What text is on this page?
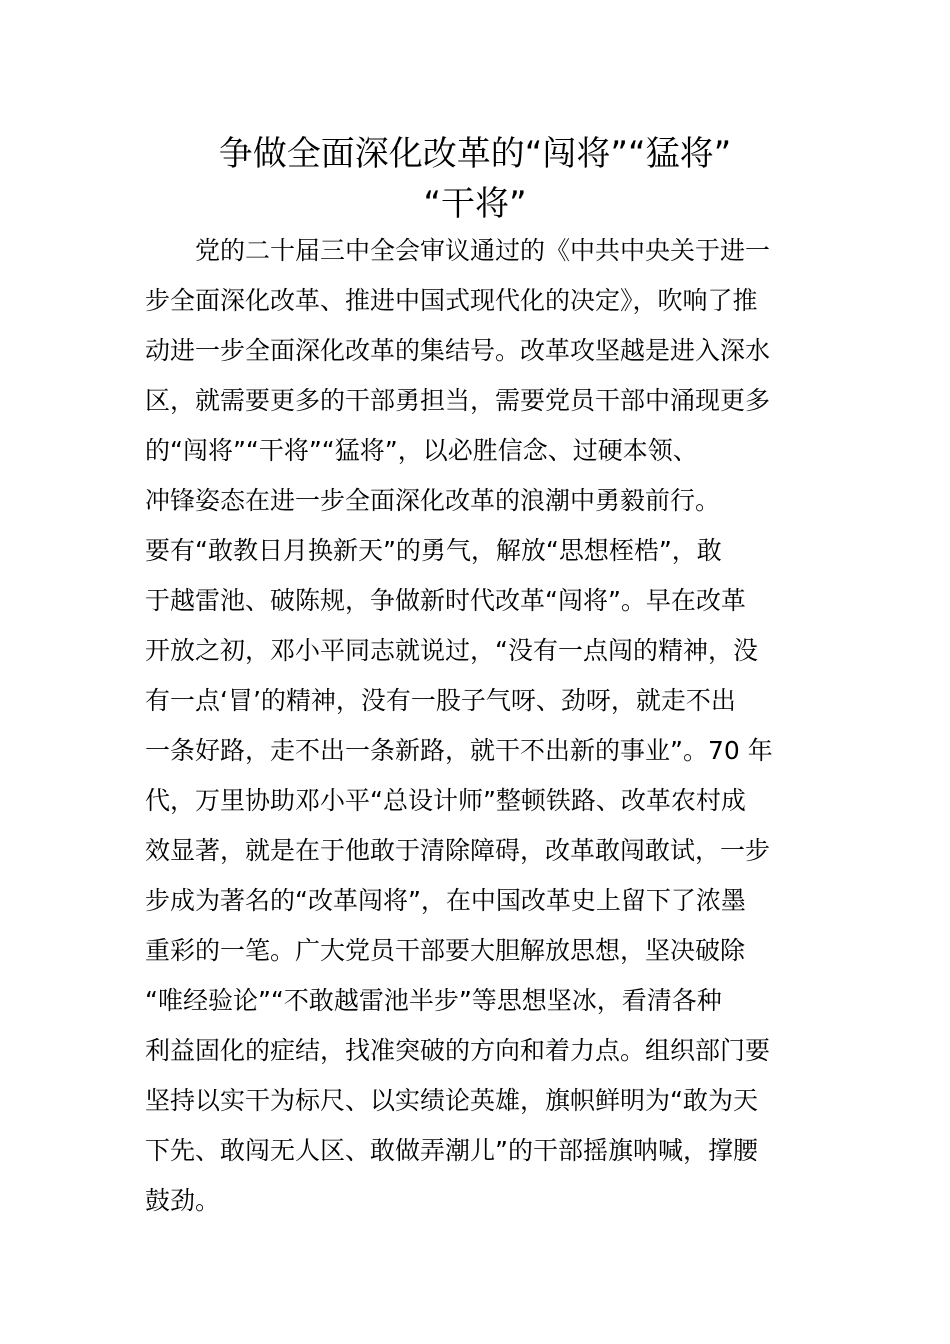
争做全面深化改革的“闯将”“猛将”
“干将”
　　党的二十届三中全会审议通过的《中共中央关于进一
步全面深化改革、推进中国式现代化的决定》，吹响了推
动进一步全面深化改革的集结号。改革攻坚越是进入深水
区，就需要更多的干部勇担当，需要党员干部中涌现更多
的“闯将”“干将”“猛将”，以必胜信念、过硬本领、
冲锋姿态在进一步全面深化改革的浪潮中勇毅前行。
要有“敢教日月换新天”的勇气，解放“思想桎梏”，敢
于越雷池、破陈规，争做新时代改革“闯将”。早在改革
开放之初，邓小平同志就说过，“没有一点闯的精神，没
有一点‘冒’的精神，没有一股子气呀、劲呀，就走不出
一条好路，走不出一条新路，就干不出新的事业”。70 年
代，万里协助邓小平“总设计师”整顿铁路、改革农村成
效显著，就是在于他敢于清除障碍，改革敢闯敢试，一步
步成为著名的“改革闯将”，在中国改革史上留下了浓墨
重彩的一笔。广大党员干部要大胆解放思想，坚决破除
“唯经验论”“不敢越雷池半步”等思想坚冰，看清各种
利益固化的症结，找准突破的方向和着力点。组织部门要
坚持以实干为标尺、以实绩论英雄，旗帜鲜明为“敢为天
下先、敢闯无人区、敢做弄潮儿”的干部摇旗呐喊，撑腰
鼓劲。
